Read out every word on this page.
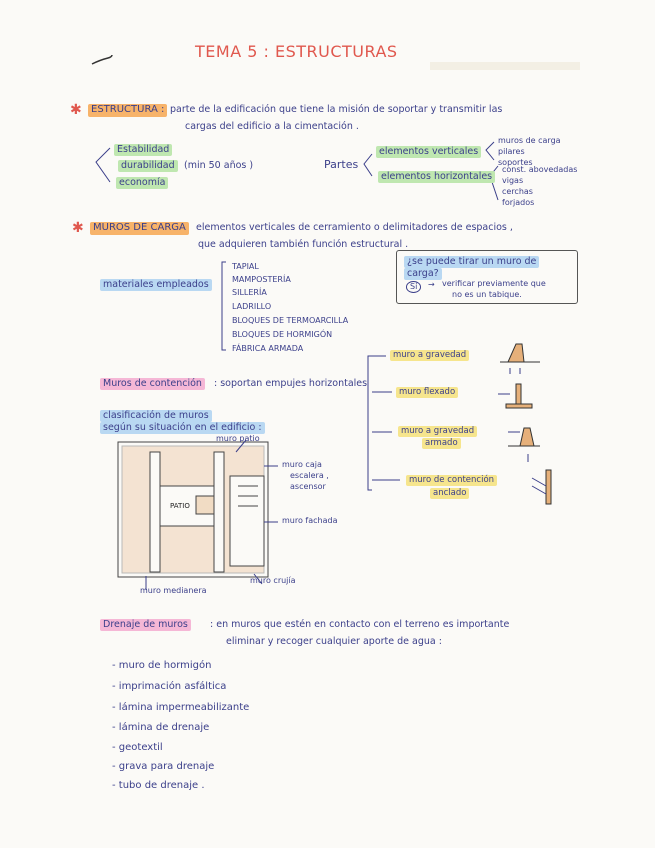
TEMA 5 : ESTRUCTURAS
✱ ESTRUCTURA : parte de la edificación que tiene la misión de soportar y transmitir las
cargas del edificio a la cimentación .
Estabilidad
durabilidad (min 50 años )
economía
Partes
elementos verticales
elementos horizontales
muros de carga
pilares
soportes
const. abovedadas
vigas
cerchas
forjados
✱ MUROS DE CARGA	elementos verticales de cerramiento o delimitadores de espacios ,
que adquieren también función estructural .
materiales empleados
TAPIAL
MAMPOSTERÍA
SILLERÍA
LADRILLO
BLOQUES DE TERMOARCILLA
BLOQUES DE HORMIGÓN
FÁBRICA ARMADA
¿se puede tirar un muro de
carga?
Sí	→ verificar previamente que
no es un tabique.
Muros de contención	: soportan empujes horizontales
muro a gravedad
muro flexado
muro a gravedad
armado
muro de contención
anclado
clasificación de muros
según su situación en el edificio :
muro patio
muro caja
escalera ,
ascensor
PATIO
muro fachada
muro medianera
muro crujía
Drenaje de muros	: en muros que estén en contacto con el terreno es importante
eliminar y recoger cualquier aporte de agua :
- muro de hormigón
- imprimación asfáltica
- lámina impermeabilizante
- lámina de drenaje
- geotextil
- grava para drenaje
- tubo de drenaje .
